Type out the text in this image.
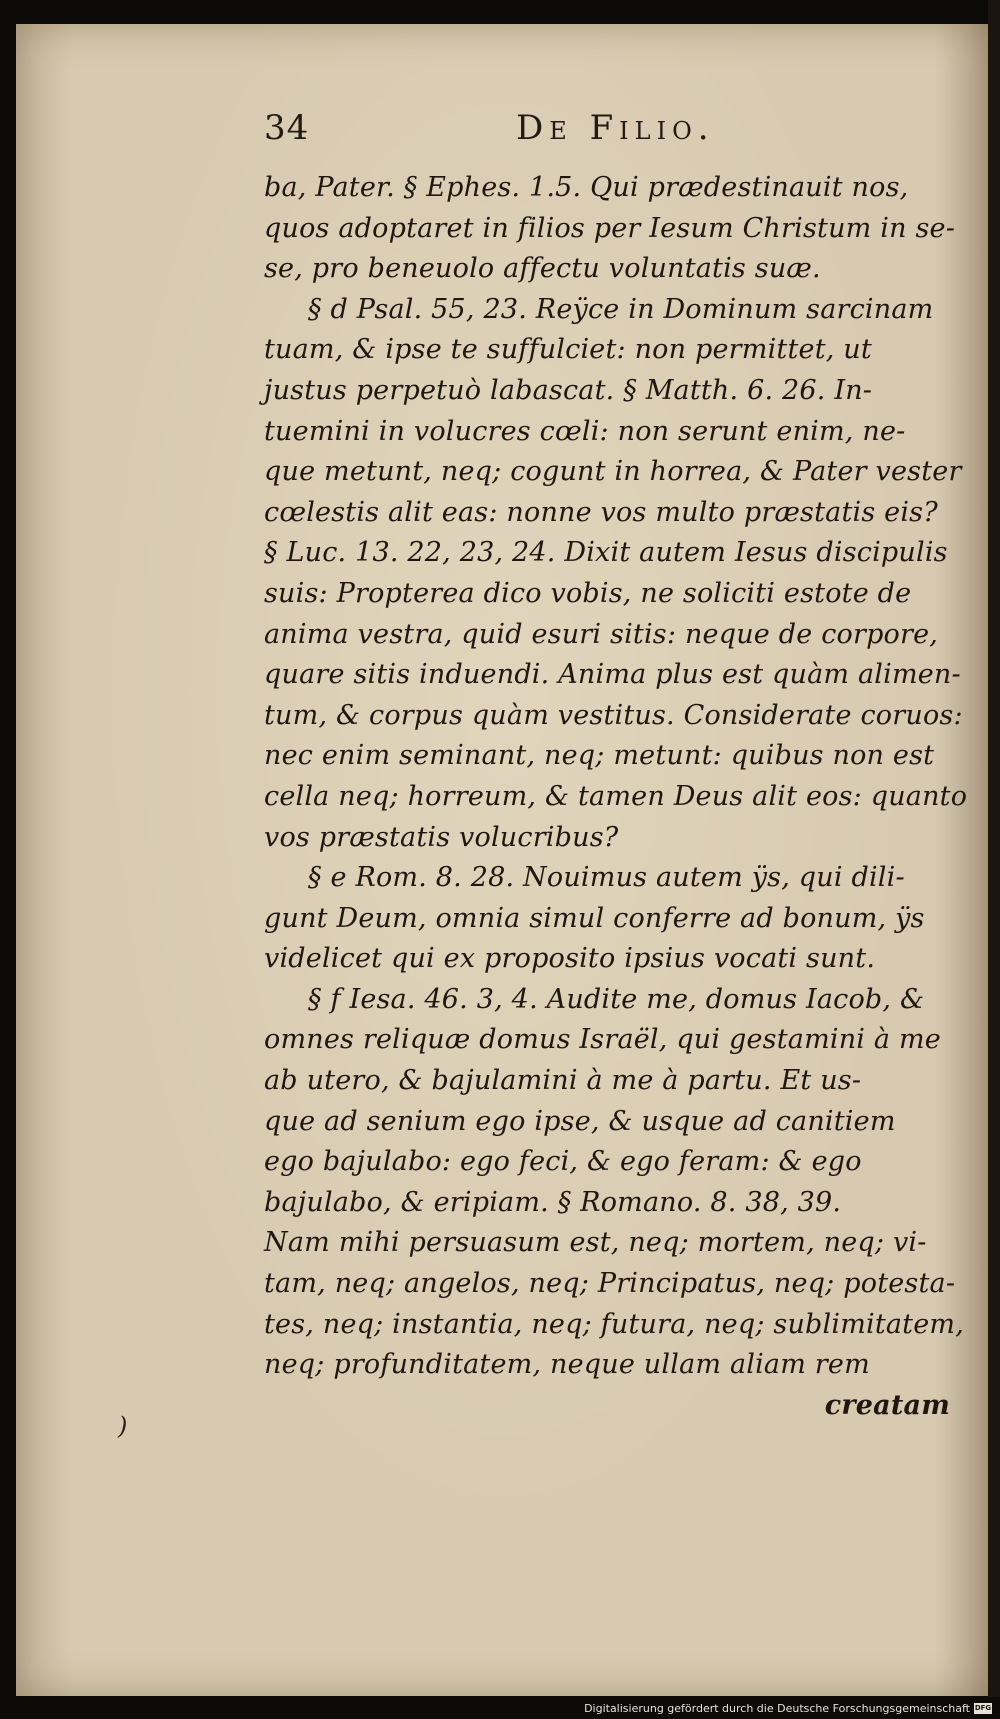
34	De Filio.
ba, Pater. § Ephes. 1.5. Qui prædestinauit nos,
quos adoptaret in filios per Iesum Christum in se-
se, pro beneuolo affectu voluntatis suæ.
§ d Psal. 55, 23. Reÿce in Dominum sarcinam
tuam, & ipse te suffulciet: non permittet, ut
justus perpetuò labascat. § Matth. 6. 26. In-
tuemini in volucres cœli: non serunt enim, ne-
que metunt, neq; cogunt in horrea, & Pater vester
cœlestis alit eas: nonne vos multo præstatis eis?
§ Luc. 13. 22, 23, 24. Dixit autem Iesus discipulis
suis: Propterea dico vobis, ne soliciti estote de
anima vestra, quid esuri sitis: neque de corpore,
quare sitis induendi. Anima plus est quàm alimen-
tum, & corpus quàm vestitus. Considerate coruos:
nec enim seminant, neq; metunt: quibus non est
cella neq; horreum, & tamen Deus alit eos: quanto
vos præstatis volucribus?
§ e Rom. 8. 28. Nouimus autem ÿs, qui dili-
gunt Deum, omnia simul conferre ad bonum, ÿs
videlicet qui ex proposito ipsius vocati sunt.
§ f Iesa. 46. 3, 4. Audite me, domus Iacob, &
omnes reliquæ domus Israël, qui gestamini à me
ab utero, & bajulamini à me à partu. Et us-
que ad senium ego ipse, & usque ad canitiem
ego bajulabo: ego feci, & ego feram: & ego
bajulabo, & eripiam. § Romano. 8. 38, 39.
Nam mihi persuasum est, neq; mortem, neq; vi-
tam, neq; angelos, neq; Principatus, neq; potesta-
tes, neq; instantia, neq; futura, neq; sublimitatem,
neq; profunditatem, neque ullam aliam rem
creatam
)
Digitalisierung gefördert durch die Deutsche Forschungsgemeinschaft DFG
